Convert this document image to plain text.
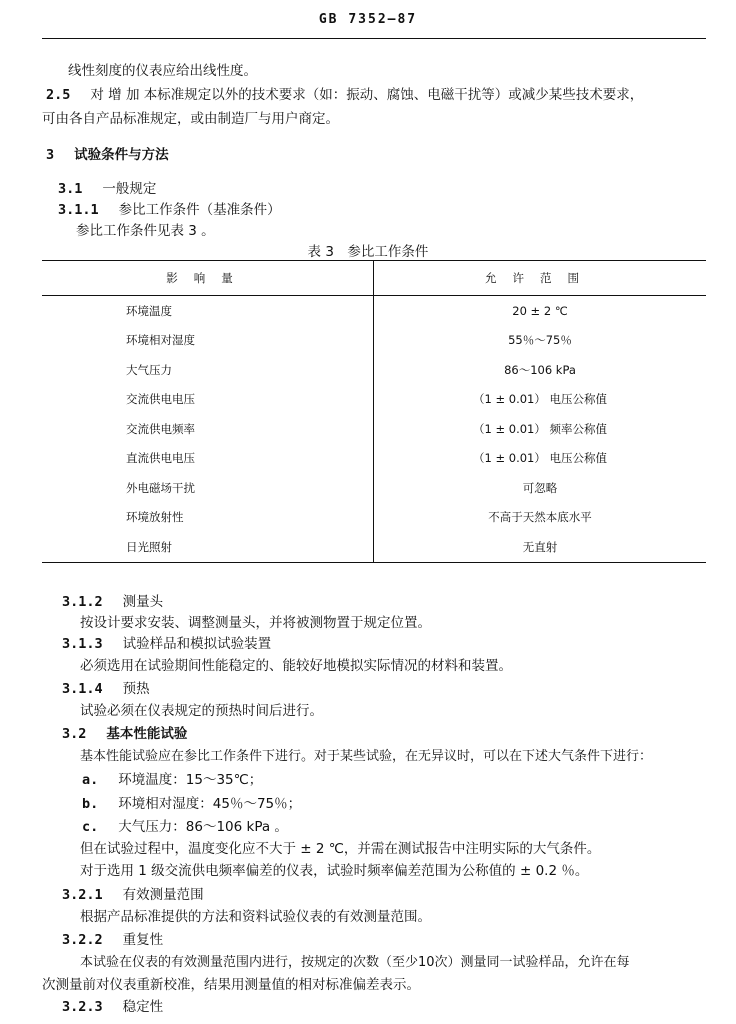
GB 7352—87
线性刻度的仪表应给出线性度。
2.5 对 增 加 本标准规定以外的技术要求（如：振动、腐蚀、电磁干扰等）或减少某些技术要求，
可由各自产品标准规定，或由制造厂与用户商定。
3 试验条件与方法
3.1 一般规定
3.1.1 参比工作条件（基准条件）
参比工作条件见表 3 。
表 3　参比工作条件
影响量	允许范围
环境温度	20 ± 2 ℃
环境相对湿度	55％～75％
大气压力	86～106 kPa
交流供电电压	（1 ± 0.01） 电压公称值
交流供电频率	（1 ± 0.01） 频率公称值
直流供电电压	（1 ± 0.01） 电压公称值
外电磁场干扰	可忽略
环境放射性	不高于天然本底水平
日光照射	无直射
3.1.2 测量头
按设计要求安装、调整测量头，并将被测物置于规定位置。
3.1.3 试验样品和模拟试验装置
必须选用在试验期间性能稳定的、能较好地模拟实际情况的材料和装置。
3.1.4 预热
试验必须在仪表规定的预热时间后进行。
3.2 基本性能试验
基本性能试验应在参比工作条件下进行。对于某些试验，在无异议时，可以在下述大气条件下进行：
a. 环境温度：15～35℃；
b. 环境相对湿度：45％～75％；
c. 大气压力：86～106 kPa 。
但在试验过程中，温度变化应不大于 ± 2 ℃，并需在测试报告中注明实际的大气条件。
对于选用 1 级交流供电频率偏差的仪表，试验时频率偏差范围为公称值的 ± 0.2 ％。
3.2.1 有效测量范围
根据产品标准提供的方法和资料试验仪表的有效测量范围。
3.2.2 重复性
本试验在仪表的有效测量范围内进行，按规定的次数（至少10次）测量同一试验样品，允许在每
次测量前对仪表重新校准，结果用测量值的相对标准偏差表示。
3.2.3 稳定性
